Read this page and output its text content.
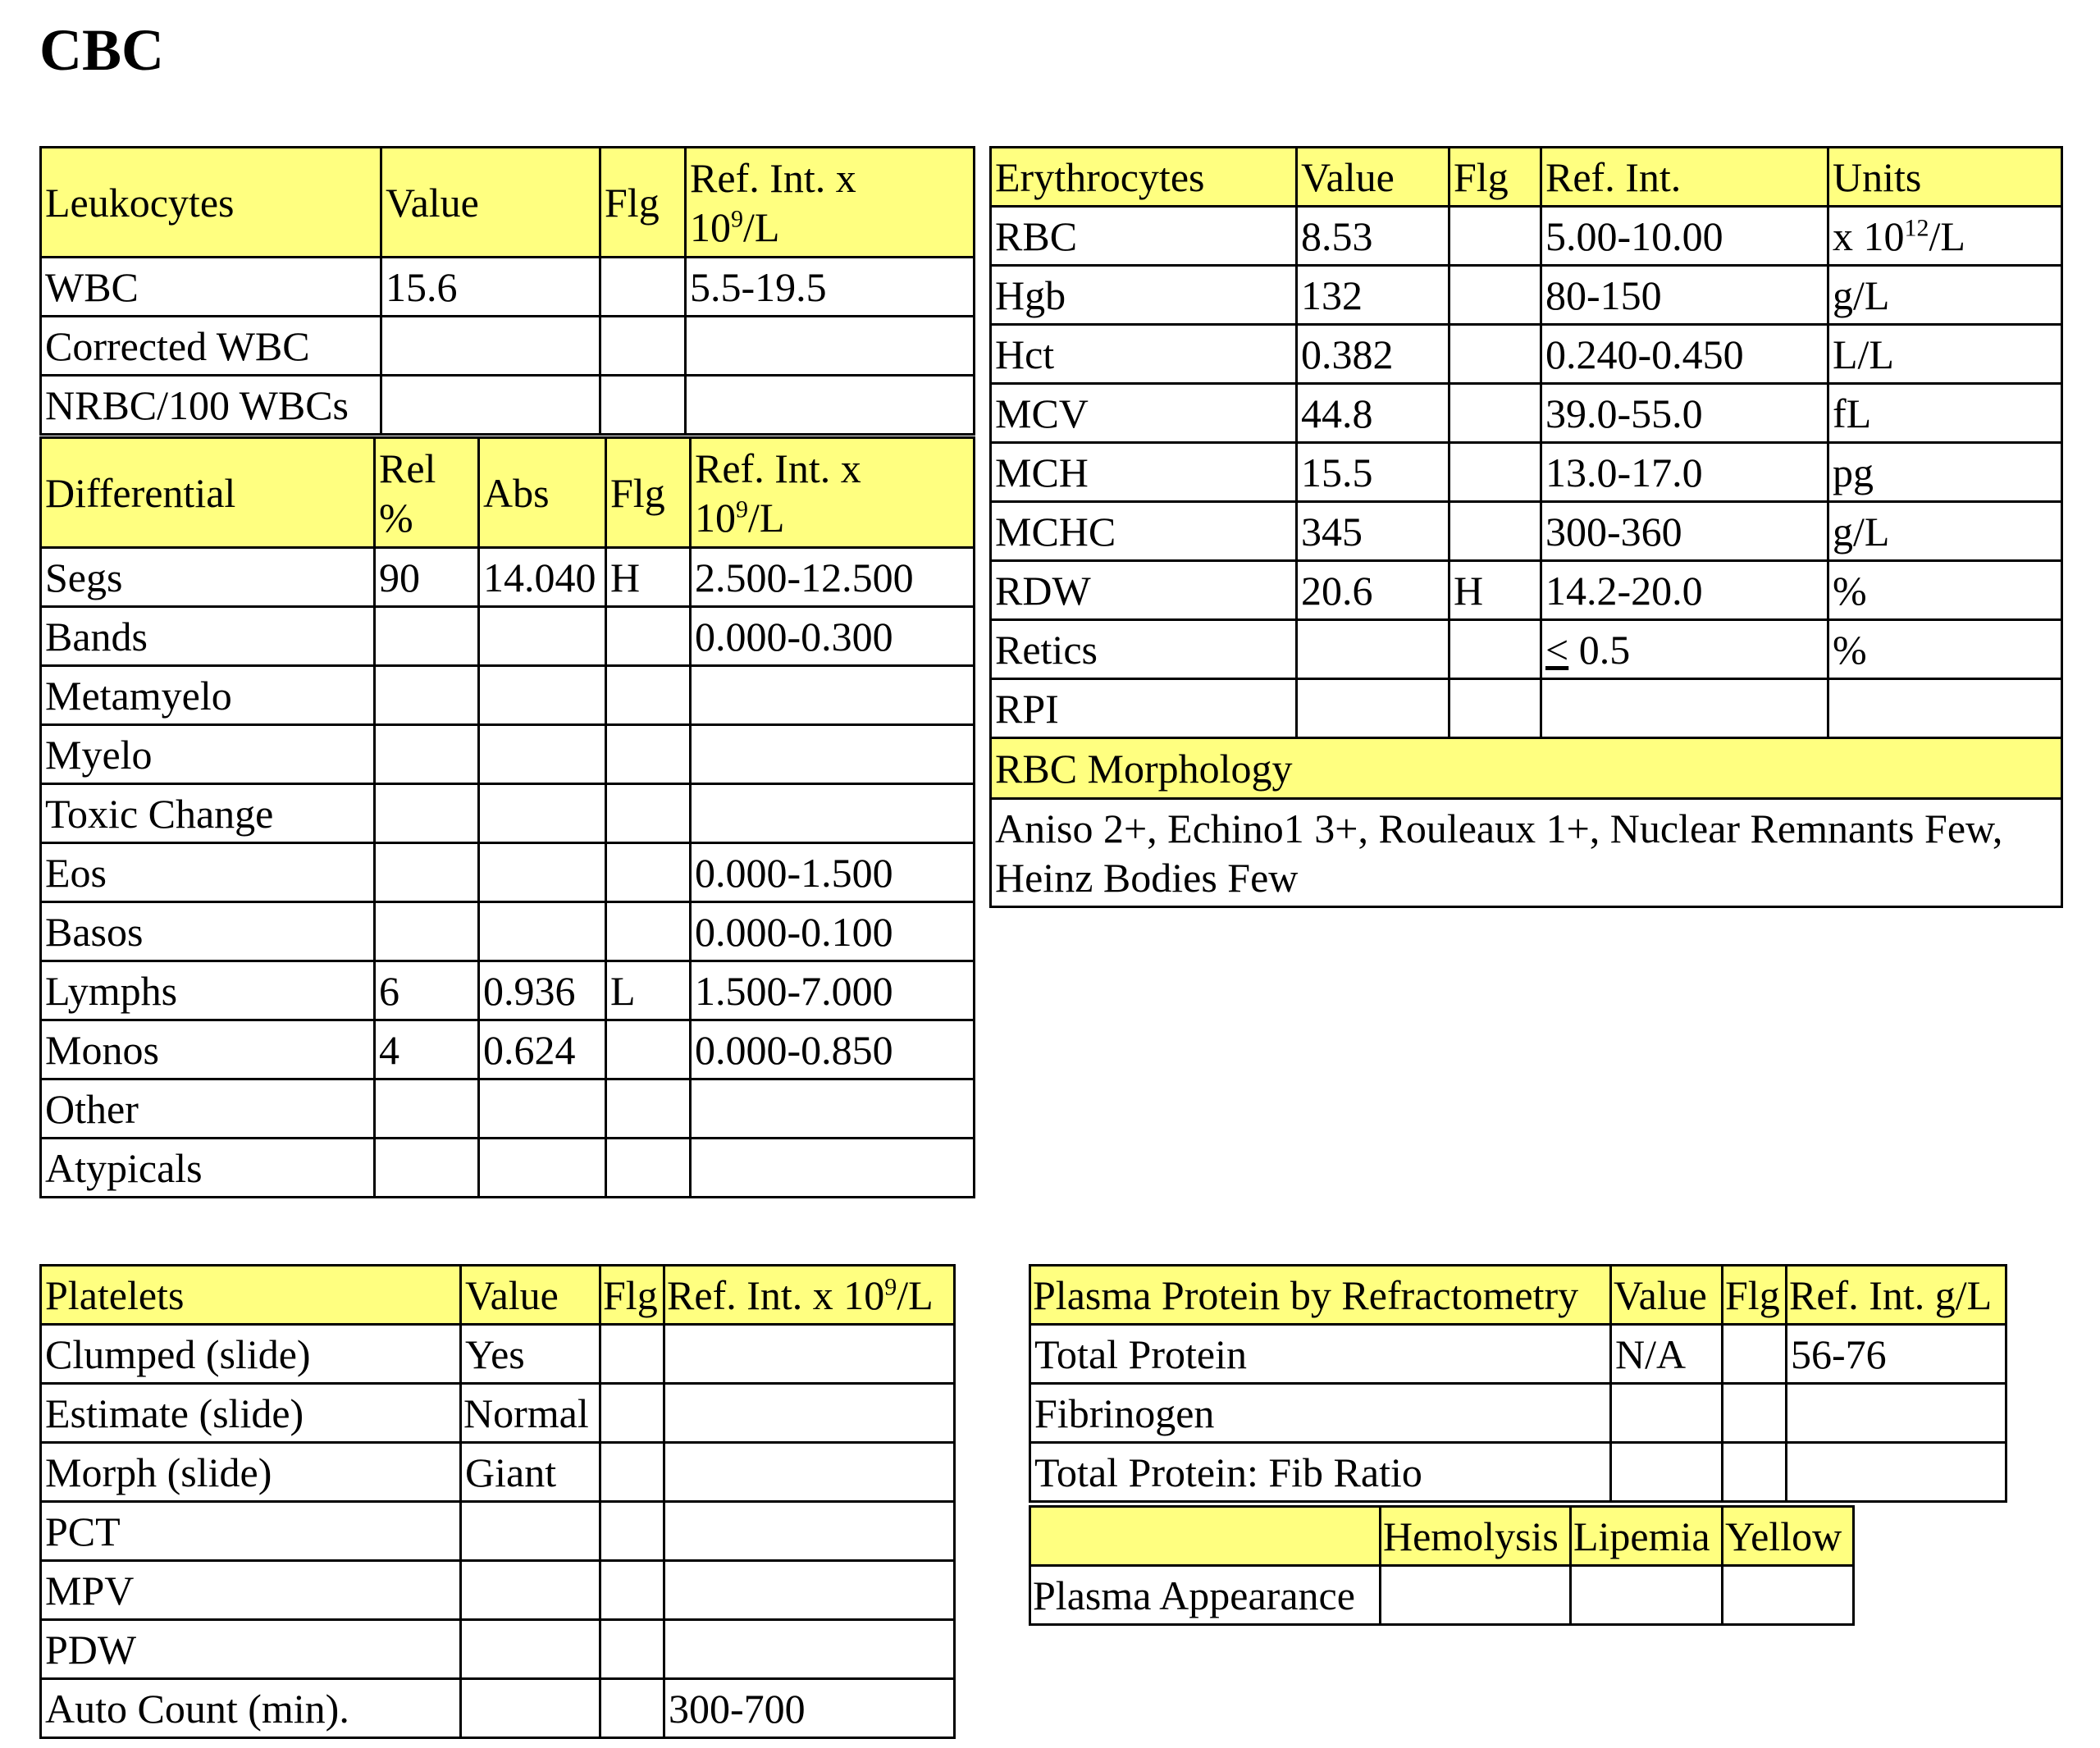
CBC
Leukocytes	Value	Flg	Ref. Int. x
$10^9/L$
WBC	15.6		5.5-19.5
Corrected WBC			
NRBC/100 WBCs			
Differential	Rel %	Abs	Flg	Ref. Int. x
$10^9/L$
Segs	90	14.040	H	2.500-12.500
Bands				0.000-0.300
Metamyelo				
Myelo				
Toxic Change				
Eos				0.000-1.500
Basos				0.000-0.100
Lymphs	6	0.936	L	1.500-7.000
Monos	4	0.624		0.000-0.850
Other				
Atypicals				
Erythrocytes	Value	Flg	Ref. Int.	Units
RBC	8.53		5.00-10.00	x $10^{12}/L$
Hgb	132		80-150	g/L
Hct	0.382		0.240-0.450	L/L
MCV	44.8		39.0-55.0	fL
MCH	15.5		13.0-17.0	pg
MCHC	345		300-360	g/L
RDW	20.6	H	14.2-20.0	%
Retics			≤ 0.5	%
RPI				
RBC Morphology				
Aniso 2+, Echino1 3+, Rouleaux 1+, Nuclear Remnants Few, Heinz Bodies Few				
Platelets	Value	Flg	Ref. Int. x $10^9/L$
Clumped (slide)	Yes		
Estimate (slide)	Normal		
Morph (slide)	Giant		
PCT			
MPV			
PDW			
Auto Count (min).			300-700
Plasma Protein by Refractometry	Value	Flg	Ref. Int. g/L
Total Protein	N/A		56-76
Fibrinogen			
Total Protein: Fib Ratio			
	Hemolysis	Lipemia	Yellow
Plasma Appearance			
